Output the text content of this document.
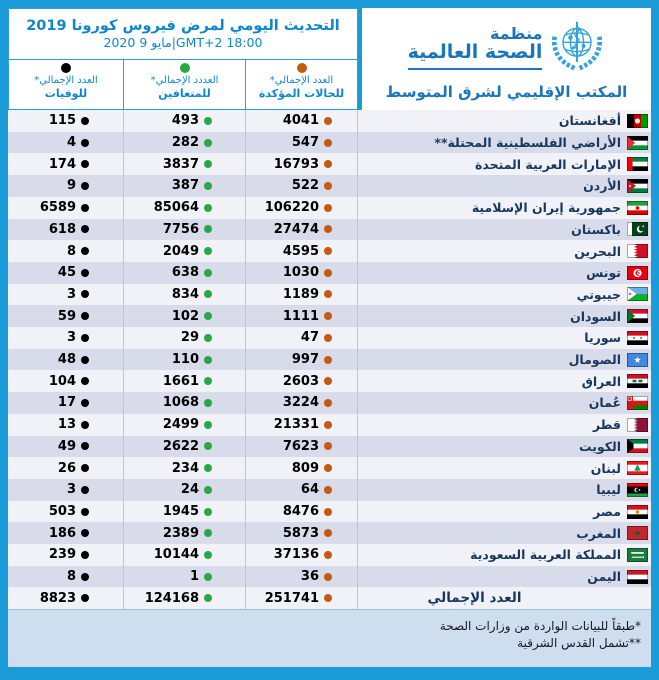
التحديث اليومي لمرض فيروس كورونا 2019
2020 مايو 9|GMT+2 18:00
العدد الإجمالي*
للوفيات
العددد الإجمالي*
للمتعافين
العدد الإجمالي*
للحالات المؤكدة
منظمة
الصحة العالمية
المكتب الإقليمي لشرق المتوسط
115	493	4041	أفغانستان
4	282	547	الأراضي الفلسطينية المحتلة**
174	3837	16793	الإمارات العربية المتحدة
9	387	522	الأردن
6589	85064	106220	جمهورية إيران الإسلامية
618	7756	27474	باكستان
8	2049	4595	البحرين
45	638	1030	تونس
3	834	1189	جيبوتي
59	102	1111	السودان
3	29	47	سوريا
48	110	997	الصومال
104	1661	2603	العراق
17	1068	3224	عُمان
13	2499	21331	قطر
49	2622	7623	الكويت
26	234	809	لبنان
3	24	64	ليبيا
503	1945	8476	مصر
186	2389	5873	المغرب
239	10144	37136	المملكة العربية السعودية
8	1	36	اليمن
8823	124168	251741	العدد الإجمالي
*طبقاً للبيانات الواردة من وزارات الصحة
**تشمل القدس الشرقية
